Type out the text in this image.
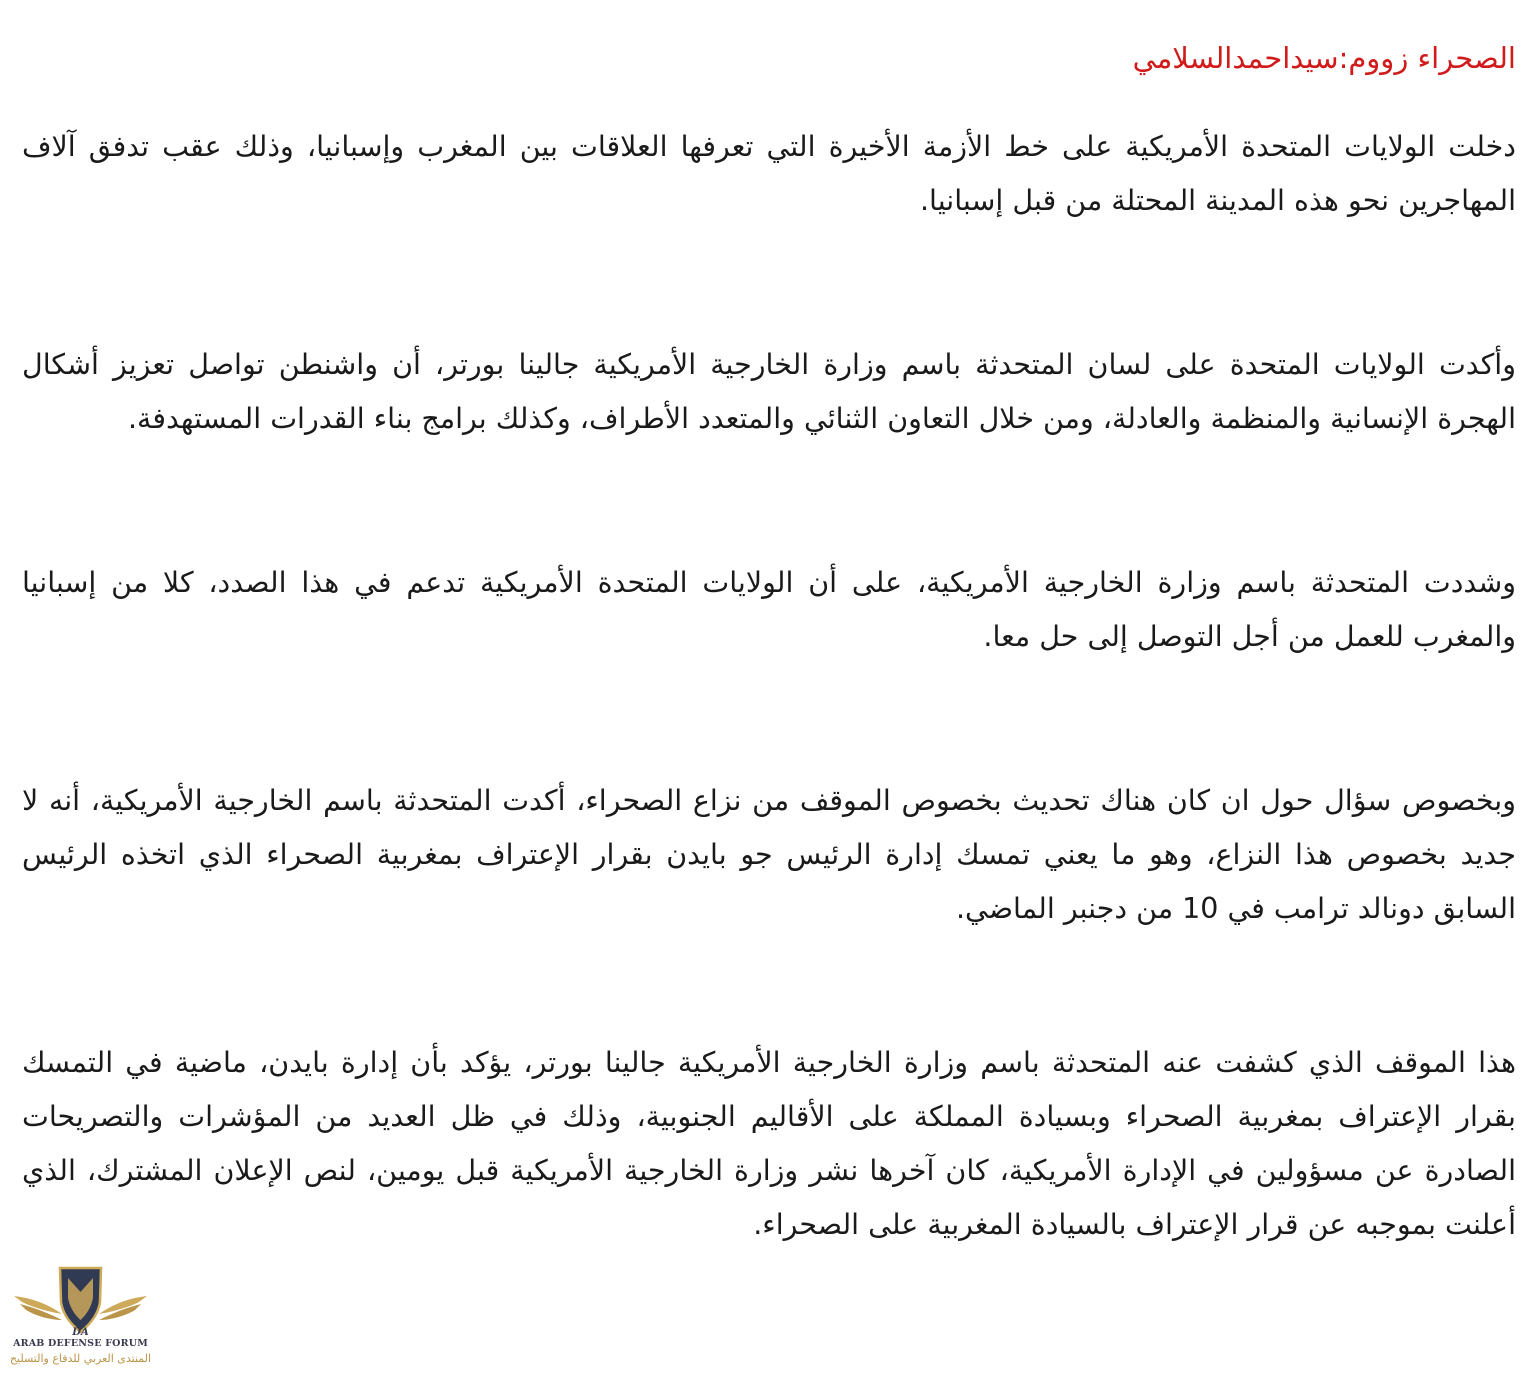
الصحراء زووم:سيداحمدالسلامي

دخلت الولايات المتحدة الأمريكية على خط الأزمة الأخيرة التي تعرفها العلاقات بين المغرب وإسبانيا، وذلك عقب تدفق آلاف المهاجرين نحو هذه المدينة المحتلة من قبل إسبانيا.

وأكدت الولايات المتحدة على لسان المتحدثة باسم وزارة الخارجية الأمريكية جالينا بورتر، أن واشنطن تواصل تعزيز أشكال الهجرة الإنسانية والمنظمة والعادلة، ومن خلال التعاون الثنائي والمتعدد الأطراف، وكذلك برامج بناء القدرات المستهدفة.

وشددت المتحدثة باسم وزارة الخارجية الأمريكية، على أن الولايات المتحدة الأمريكية تدعم في هذا الصدد، كلا من إسبانيا والمغرب للعمل من أجل التوصل إلى حل معا.

وبخصوص سؤال حول ان كان هناك تحديث بخصوص الموقف من نزاع الصحراء، أكدت المتحدثة باسم الخارجية الأمريكية، أنه لا جديد بخصوص هذا النزاع، وهو ما يعني تمسك إدارة الرئيس جو بايدن بقرار الإعتراف بمغربية الصحراء الذي اتخذه الرئيس السابق دونالد ترامب في 10 من دجنبر الماضي.

هذا الموقف الذي كشفت عنه المتحدثة باسم وزارة الخارجية الأمريكية جالينا بورتر، يؤكد بأن إدارة بايدن، ماضية في التمسك بقرار الإعتراف بمغربية الصحراء وبسيادة المملكة على الأقاليم الجنوبية، وذلك في ظل العديد من المؤشرات والتصريحات الصادرة عن مسؤولين في الإدارة الأمريكية، كان آخرها نشر وزارة الخارجية الأمريكية قبل يومين، لنص الإعلان المشترك، الذي أعلنت بموجبه عن قرار الإعتراف بالسيادة المغربية على الصحراء.

DA
ARAB DEFENSE FORUM
المنتدى العربي للدفاع والتسليح
